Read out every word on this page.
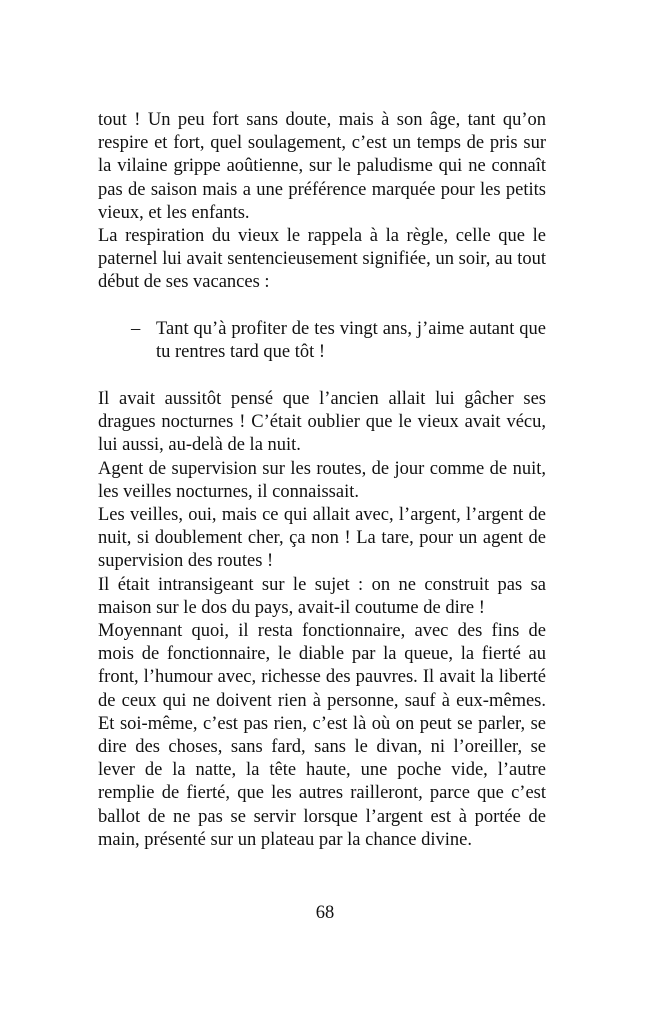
tout ! Un peu fort sans doute, mais à son âge, tant qu’on respire et fort, quel soulagement, c’est un temps de pris sur la vilaine grippe aoûtienne, sur le paludisme qui ne connaît pas de saison mais a une préférence marquée pour les petits vieux, et les enfants.

La respiration du vieux le rappela à la règle, celle que le paternel lui avait sentencieusement signifiée, un soir, au tout début de ses vacances :

– Tant qu’à profiter de tes vingt ans, j’aime autant que tu rentres tard que tôt !

Il avait aussitôt pensé que l’ancien allait lui gâcher ses dragues nocturnes ! C’était oublier que le vieux avait vécu, lui aussi, au-delà de la nuit.

Agent de supervision sur les routes, de jour comme de nuit, les veilles nocturnes, il connaissait.

Les veilles, oui, mais ce qui allait avec, l’argent, l’argent de nuit, si doublement cher, ça non ! La tare, pour un agent de supervision des routes !

Il était intransigeant sur le sujet : on ne construit pas sa maison sur le dos du pays, avait-il coutume de dire !

Moyennant quoi, il resta fonctionnaire, avec des fins de mois de fonctionnaire, le diable par la queue, la fierté au front, l’humour avec, richesse des pauvres. Il avait la liberté de ceux qui ne doivent rien à personne, sauf à eux-mêmes. Et soi-même, c’est pas rien, c’est là où on peut se parler, se dire des choses, sans fard, sans le divan, ni l’oreiller, se lever de la natte, la tête haute, une poche vide, l’autre remplie de fierté, que les autres railleront, parce que c’est ballot de ne pas se servir lorsque l’argent est à portée de main, présenté sur un plateau par la chance divine.

68
